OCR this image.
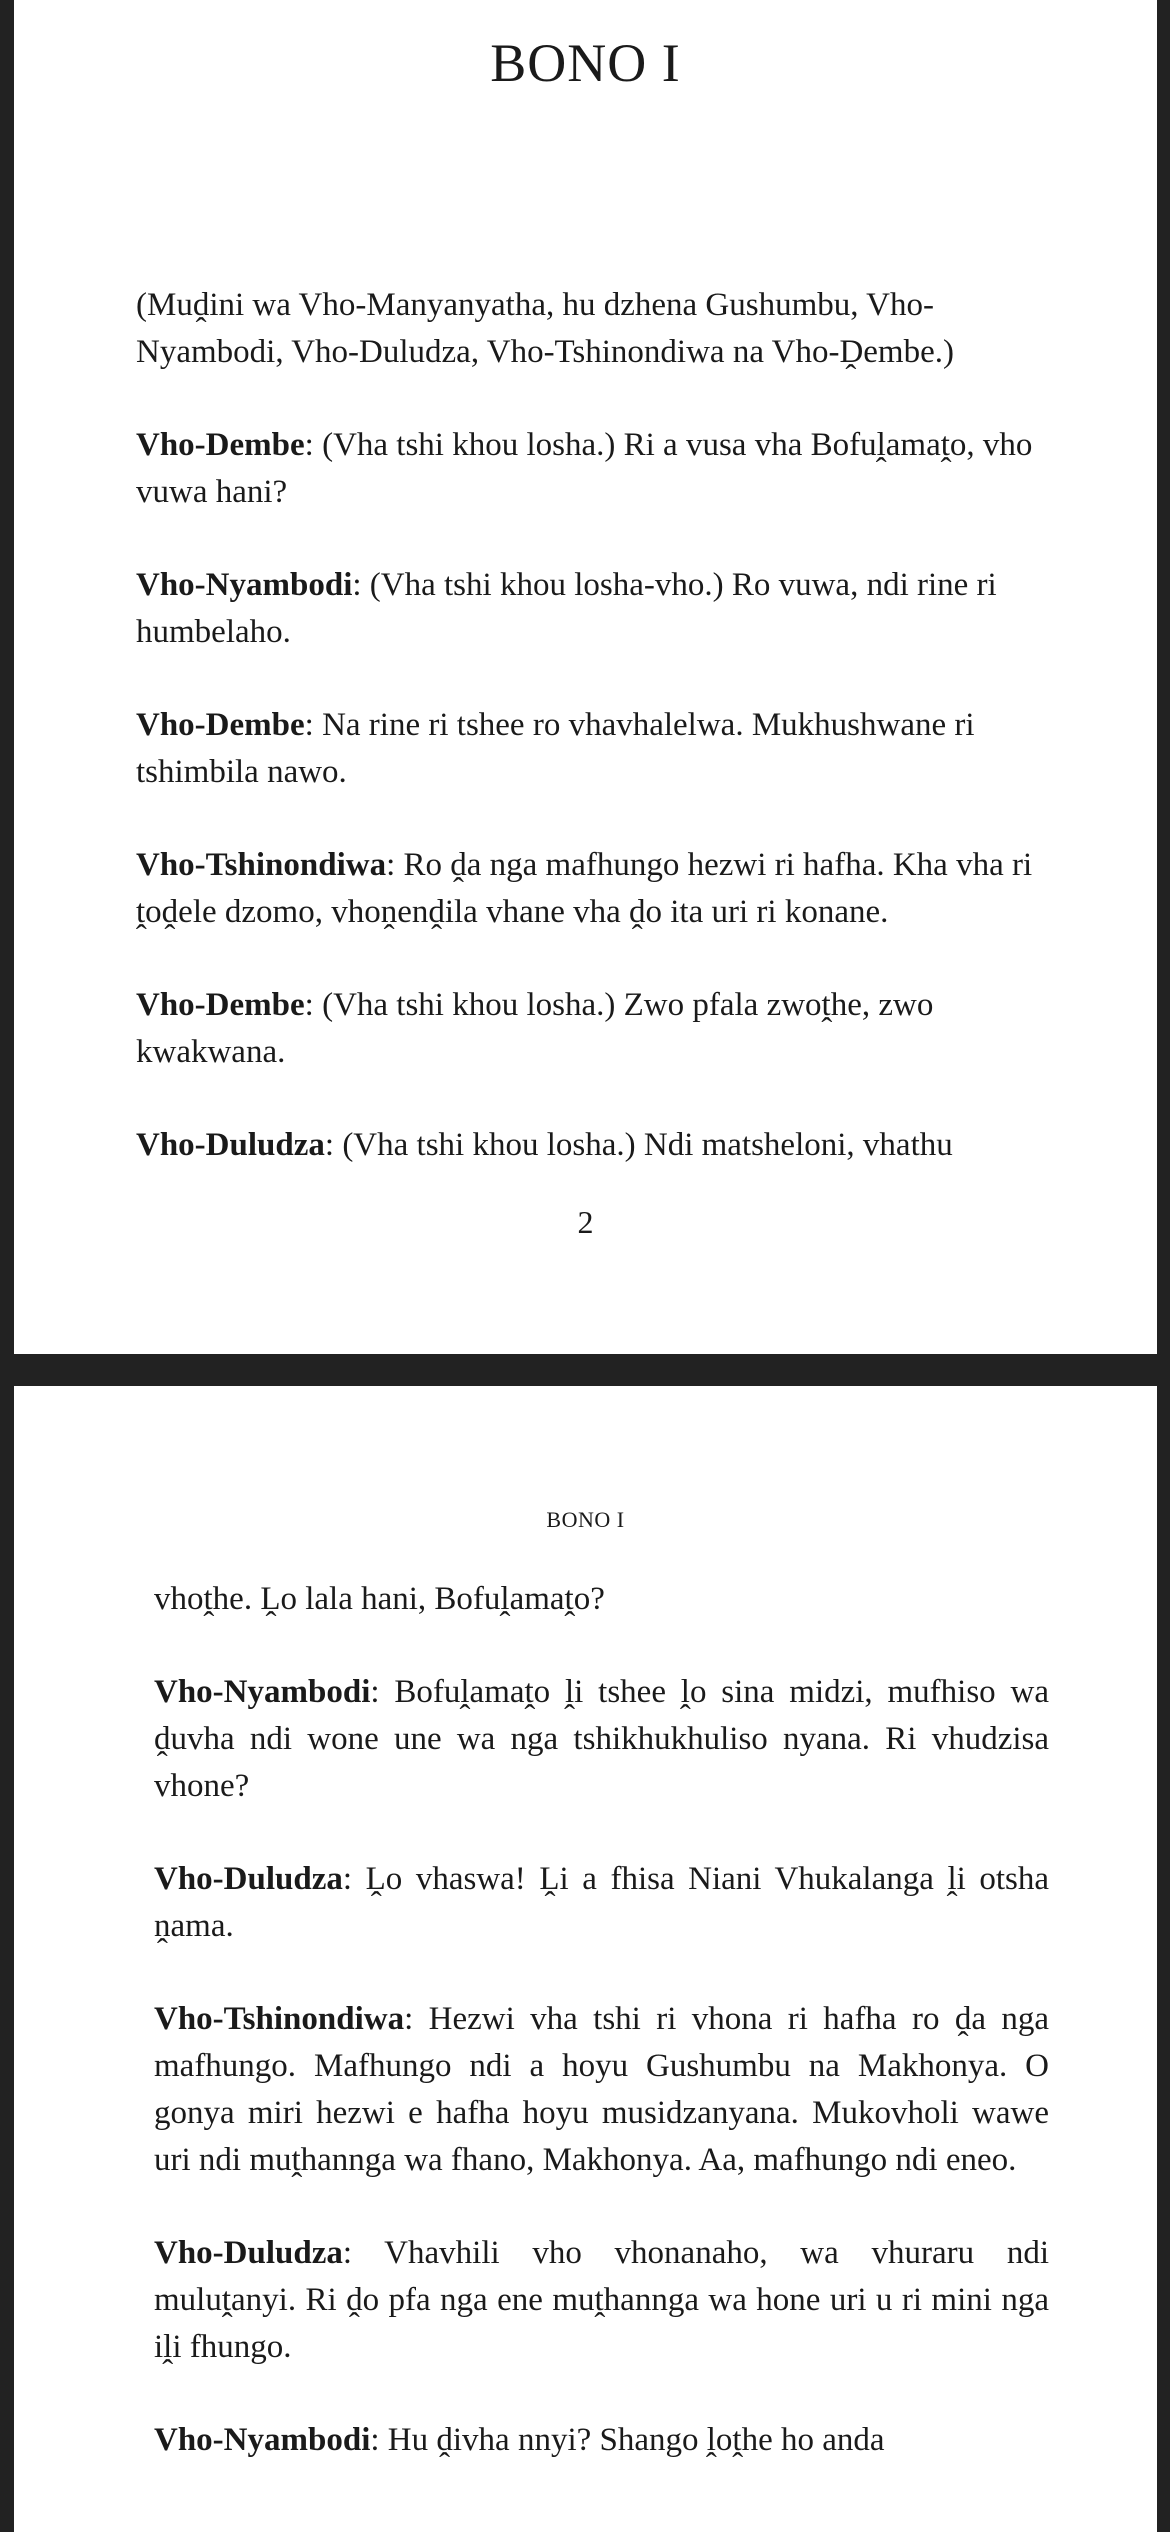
BONO I

(Muḓini wa Vho-Manyanyatha, hu dzhena Gushumbu, Vho-Nyambodi, Vho-Duludza, Vho-Tshinondiwa na Vho-Ḓembe.)

Vho-Dembe: (Vha tshi khou losha.) Ri a vusa vha Bofuḽamaṱo, vho vuwa hani?

Vho-Nyambodi: (Vha tshi khou losha-vho.) Ro vuwa, ndi rine ri humbelaho.

Vho-Dembe: Na rine ri tshee ro vhavhalelwa. Mukhushwane ri tshimbila nawo.

Vho-Tshinondiwa: Ro ḓa nga mafhungo hezwi ri hafha. Kha vha ri ṱoḓele dzomo, vhoṋenḓila vhane vha ḓo ita uri ri konane.

Vho-Dembe: (Vha tshi khou losha.) Zwo pfala zwoṱhe, zwo kwakwana.

Vho-Duludza: (Vha tshi khou losha.) Ndi matsheloni, vhathu

2
BONO I

vhoṱhe. Ḽo lala hani, Bofuḽamaṱo?

Vho-Nyambodi: Bofuḽamaṱo ḽi tshee ḽo sina midzi, mufhiso wa ḓuvha ndi wone une wa nga tshikhukhuliso nyana. Ri vhudzisa vhone?

Vho-Duludza: Ḽo vhaswa! Ḽi a fhisa Niani Vhukalanga ḽi otsha ṋama.

Vho-Tshinondiwa: Hezwi vha tshi ri vhona ri hafha ro ḓa nga mafhungo. Mafhungo ndi a hoyu Gushumbu na Makhonya. O gonya miri hezwi e hafha hoyu musidzanyana. Mukovholi wawe uri ndi muṱhannga wa fhano, Makhonya. Aa, mafhungo ndi eneo.

Vho-Duludza: Vhavhili vho vhonanaho, wa vhuraru ndi muluṱanyi. Ri ḓo pfa nga ene muṱhannga wa hone uri u ri mini nga iḽi fhungo.

Vho-Nyambodi: Hu ḓivha nnyi? Shango ḽoṱhe ho anda
